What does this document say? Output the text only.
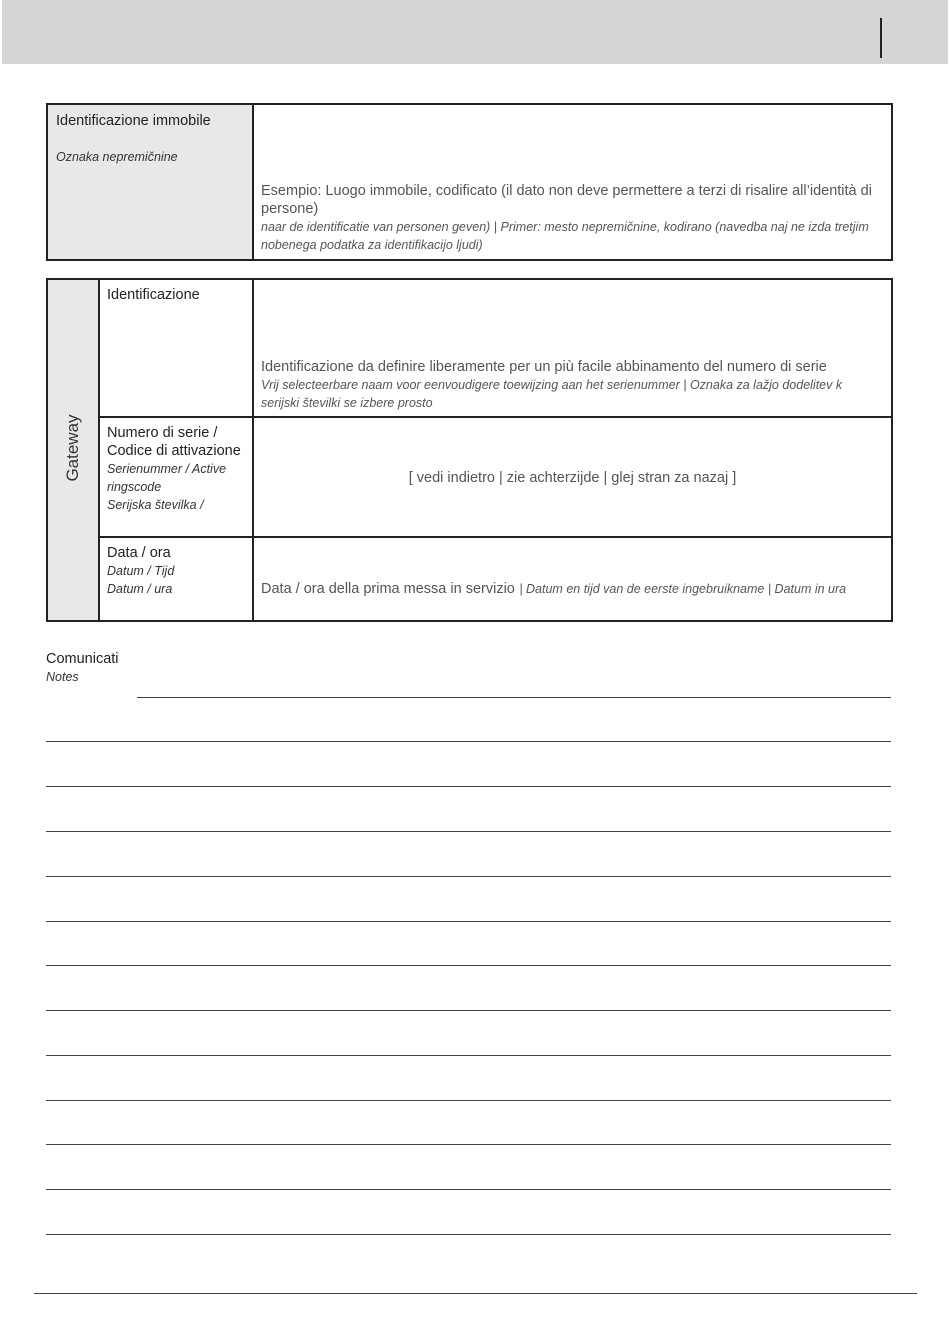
Identificazione immobile
Oznaka nepremičnine
Esempio: Luogo immobile, codificato (il dato non deve permettere a terzi di risalire all’identità di persone)
naar de identificatie van personen geven) | Primer: mesto nepremičnine, kodirano (navedba naj ne izda tretjim nobenega podatka za identifikacijo ljudi)
Gateway
Identificazione
Identificazione da definire liberamente per un più facile abbinamento del numero di serie
Vrij selecteerbare naam voor eenvoudigere toewijzing aan het serienummer | Oznaka za lažjo dodelitev k serijski številki se izbere prosto
Numero di serie /
Codice di attivazione
Serienummer / Active
ringscode
Serijska številka /
[ vedi indietro | zie achterzijde | glej stran za nazaj ]
Data / ora
Datum / Tijd
Datum / ura	Data / ora della prima messa in servizio | Datum en tijd van de eerste ingebruikname | Datum in ura
Comunicati
Notes
